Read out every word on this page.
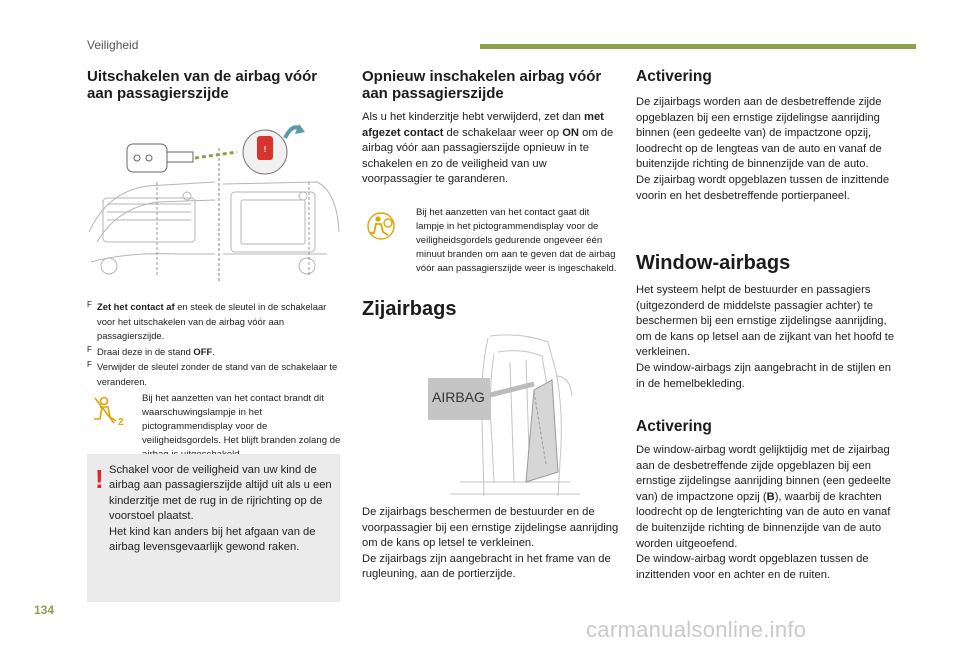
Veiligheid
Uitschakelen van de airbag vóór
aan passagierszijde
!
F Zet het contact af en steek de sleutel in de schakelaar voor het uitschakelen van de airbag vóór aan passagierszijde.
F Draai deze in de stand OFF.
F Verwijder de sleutel zonder de stand van de schakelaar te veranderen.
2
Bij het aanzetten van het contact brandt dit waarschuwingslampje in het pictogrammendisplay voor de veiligheidsgordels. Het blijft branden zolang de
! Schakel voor de veiligheid van uw kind de airbag aan passagierszijde altijd uit als u een kinderzitje met de rug in de rijrichting op de voorstoel plaatst.
Het kind kan anders bij het afgaan van de airbag levensgevaarlijk gewond raken.
Opnieuw inschakelen airbag vóór
aan passagierszijde

Als u het kinderzitje hebt verwijderd, zet dan met afgezet contact de schakelaar weer op ON om de airbag vóór aan passagierszijde opnieuw in te schakelen en zo de veiligheid van uw voorpassagier te garanderen.

Bij het aanzetten van het contact gaat dit lampje in het pictogrammendisplay voor de veiligheidsgordels gedurende ongeveer één minuut branden om aan te geven dat de airbag vóór aan passagierszijde weer is ingeschakeld.
Zijairbags
AIRBAG

De zijairbags beschermen de bestuurder en de voorpassagier bij een ernstige zijdelingse aanrijding om de kans op letsel te verkleinen.
De zijairbags zijn aangebracht in het frame van de rugleuning, aan de portierzijde.

Activering

De zijairbags worden aan de desbetreffende zijde opgeblazen bij een ernstige zijdelingse aanrijding binnen (een gedeelte van) de impactzone opzij, loodrecht op de lengteas van de auto en vanaf de buitenzijde richting de binnenzijde van de auto.
De zijairbag wordt opgeblazen tussen de inzittende voorin en het desbetreffende portierpaneel.

Window-airbags

Het systeem helpt de bestuurder en passagiers (uitgezonderd de middelste passagier achter) te beschermen bij een ernstige zijdelingse aanrijding, om de kans op letsel aan de zijkant van het hoofd te verkleinen.
De window-airbags zijn aangebracht in de stijlen en in de hemelbekleding.

Activering

De window-airbag wordt gelijktijdig met de zijairbag aan de desbetreffende zijde opgeblazen bij een ernstige zijdelingse aanrijding binnen (een gedeelte van) de impactzone opzij (B), waarbij de krachten loodrecht op de lengterichting van de auto en vanaf de buitenzijde richting de binnenzijde van de auto worden uitgeoefend.
De window-airbag wordt opgeblazen tussen de inzittenden voor en achter en de ruiten.

134
carmanualsonline.info
